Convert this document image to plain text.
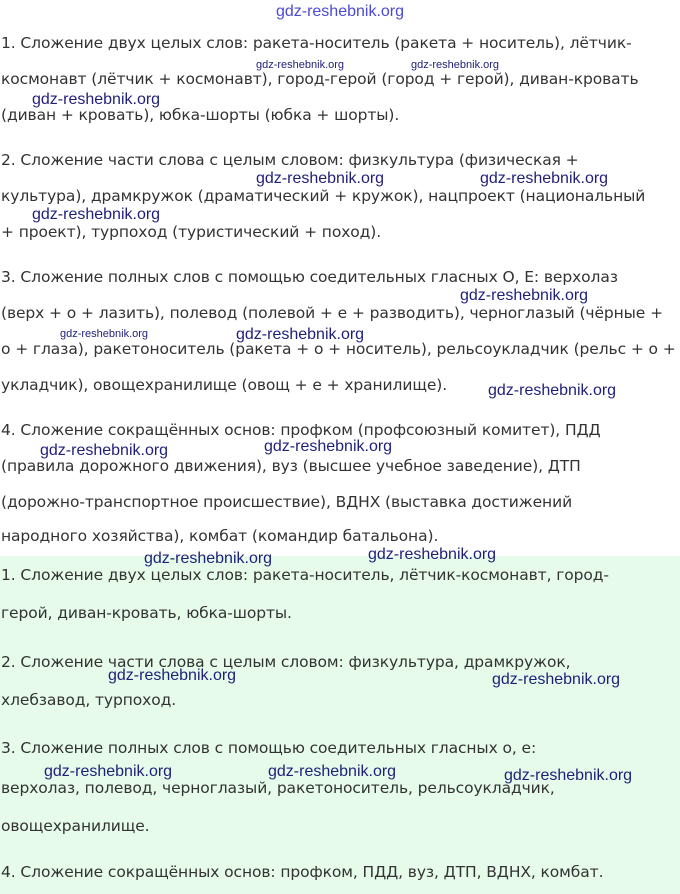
1. Сложение двух целых слов: ракета-носитель (ракета + носитель), лётчик-
космонавт (лётчик + космонавт), город-герой (город + герой), диван-кровать
(диван + кровать), юбка-шорты (юбка + шорты).
2. Сложение части слова с целым словом: физкультура (физическая +
культура), драмкружок (драматический + кружок), нацпроект (национальный
+ проект), турпоход (туристический + поход).
3. Сложение полных слов с помощью соедительных гласных О, Е: верхолаз
(верх + о + лазить), полевод (полевой + е + разводить), черноглазый (чёрные +
о + глаза), ракетоноситель (ракета + о + носитель), рельсоукладчик (рельс + о +
укладчик), овощехранилище (овощ + е + хранилище).
4. Сложение сокращённых основ: профком (профсоюзный комитет), ПДД
(правила дорожного движения), вуз (высшее учебное заведение), ДТП
(дорожно-транспортное происшествие), ВДНХ (выставка достижений
народного хозяйства), комбат (командир батальона).
1. Сложение двух целых слов: ракета-носитель, лётчик-космонавт, город-
герой, диван-кровать, юбка-шорты.
2. Сложение части слова с целым словом: физкультура, драмкружок,
хлебзавод, турпоход.
3. Сложение полных слов с помощью соедительных гласных о, е:
верхолаз, полевод, черноглазый, ракетоноситель, рельсоукладчик,
овощехранилище.
4. Сложение сокращённых основ: профком, ПДД, вуз, ДТП, ВДНХ, комбат.
gdz-reshebnik.org
gdz-reshebnik.org	gdz-reshebnik.org
gdz-reshebnik.org
gdz-reshebnik.org	gdz-reshebnik.org
gdz-reshebnik.org
gdz-reshebnik.org
gdz-reshebnik.org	gdz-reshebnik.org
gdz-reshebnik.org
gdz-reshebnik.org	gdz-reshebnik.org
gdz-reshebnik.org	gdz-reshebnik.org
gdz-reshebnik.org	gdz-reshebnik.org
gdz-reshebnik.org	gdz-reshebnik.org	gdz-reshebnik.org
